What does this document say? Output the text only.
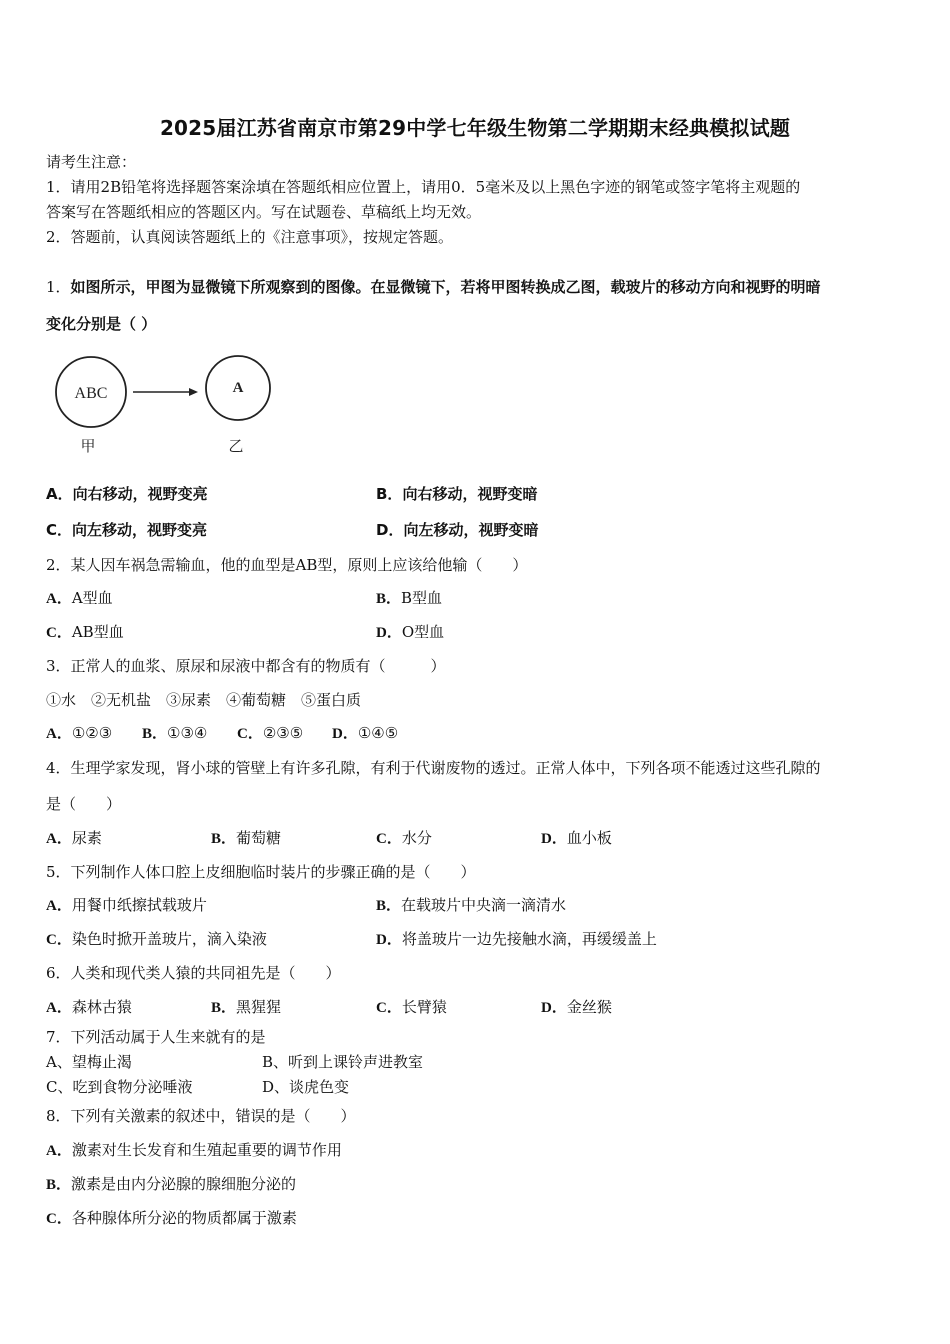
2025届江苏省南京市第29中学七年级生物第二学期期末经典模拟试题
请考生注意：
1．请用2B铅笔将选择题答案涂填在答题纸相应位置上，请用0．5毫米及以上黑色字迹的钢笔或签字笔将主观题的
答案写在答题纸相应的答题区内。写在试题卷、草稿纸上均无效。
2．答题前，认真阅读答题纸上的《注意事项》，按规定答题。
1．如图所示，甲图为显微镜下所观察到的图像。在显微镜下，若将甲图转换成乙图，载玻片的移动方向和视野的明暗
变化分别是（ ）
ABC	A
甲	乙
A．向右移动，视野变亮	B．向右移动，视野变暗
C．向左移动，视野变亮	D．向左移动，视野变暗
2．某人因车祸急需输血，他的血型是AB型，原则上应该给他输（　　）
A．A型血	B．B型血
C．AB型血	D．O型血
3．正常人的血浆、原尿和尿液中都含有的物质有（　　　）
①水　②无机盐　③尿素　④葡萄糖　⑤蛋白质
A．①②③ B．①③④ C．②③⑤ D．①④⑤
4．生理学家发现，肾小球的管壁上有许多孔隙，有利于代谢废物的透过。正常人体中，下列各项不能透过这些孔隙的
是（　　）
A．尿素	B．葡萄糖	C．水分	D．血小板
5．下列制作人体口腔上皮细胞临时装片的步骤正确的是（　　）
A．用餐巾纸擦拭载玻片	B．在载玻片中央滴一滴清水
C．染色时掀开盖玻片，滴入染液	D．将盖玻片一边先接触水滴，再缓缓盖上
6．人类和现代类人猿的共同祖先是（　　）
A．森林古猿	B．黑猩猩	C．长臂猿	D．金丝猴
7．下列活动属于人生来就有的是
A、望梅止渴	B、听到上课铃声进教室
C、吃到食物分泌唾液	D、谈虎色变
8．下列有关激素的叙述中，错误的是（　　）
A．激素对生长发育和生殖起重要的调节作用
B．激素是由内分泌腺的腺细胞分泌的
C．各种腺体所分泌的物质都属于激素
